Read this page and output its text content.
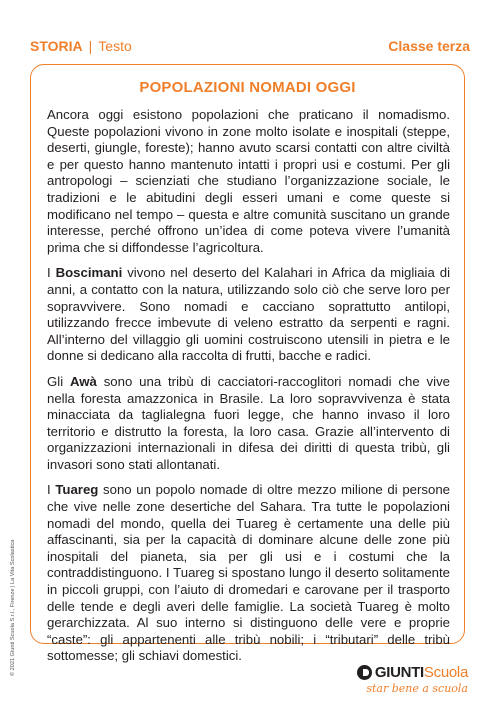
STORIA | Testo	Classe terza
POPOLAZIONI NOMADI OGGI

Ancora oggi esistono popolazioni che praticano il nomadismo. Queste popolazioni vivono in zone molto isolate e inospitali (steppe, deserti, giungle, foreste); hanno avuto scarsi contatti con altre civiltà e per questo hanno mantenuto intatti i propri usi e costumi. Per gli antropologi – scienziati che studiano l’organizzazione sociale, le tradizioni e le abitudini degli esseri umani e come queste si modificano nel tempo – questa e altre comunità suscitano un grande interesse, perché offrono un’idea di come poteva vivere l’umanità prima che si diffondesse l’agricoltura.

I Boscimani vivono nel deserto del Kalahari in Africa da migliaia di anni, a contatto con la natura, utilizzando solo ciò che serve loro per sopravvivere. Sono nomadi e cacciano soprattutto antilopi, utilizzando frecce imbevute di veleno estratto da serpenti e ragni. All’interno del villaggio gli uomini costruiscono utensili in pietra e le donne si dedicano alla raccolta di frutti, bacche e radici.

Gli Awà sono una tribù di cacciatori-raccoglitori nomadi che vive nella foresta amazzonica in Brasile. La loro sopravvivenza è stata minacciata da taglialegna fuori legge, che hanno invaso il loro territorio e distrutto la foresta, la loro casa. Grazie all’intervento di organizzazioni internazionali in difesa dei diritti di questa tribù, gli invasori sono stati allontanati.

I Tuareg sono un popolo nomade di oltre mezzo milione di persone che vive nelle zone desertiche del Sahara. Tra tutte le popolazioni nomadi del mondo, quella dei Tuareg è certamente una delle più affascinanti, sia per la capacità di dominare alcune delle zone più inospitali del pianeta, sia per gli usi e i costumi che la contraddistinguono. I Tuareg si spostano lungo il deserto solitamente in piccoli gruppi, con l’aiuto di dromedari e carovane per il trasporto delle tende e degli averi delle famiglie. La società Tuareg è molto gerarchizzata. Al suo interno si distinguono delle vere e proprie “caste”: gli appartenenti alle tribù nobili; i “tributari” delle tribù sottomesse; gli schiavi domestici.

© 2021 Giunti Scuola S.r.l., Firenze | La Vita Scolastica	GIUNTIScuola
star bene a scuola
